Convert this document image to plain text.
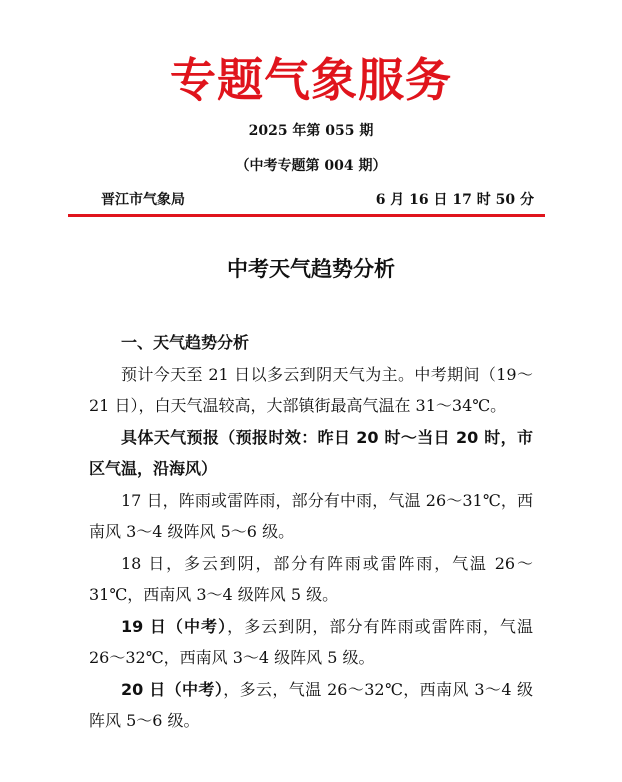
专题气象服务
2025 年第 055 期
（中考专题第 004 期）
晋江市气象局	6 月 16 日 17 时 50 分
中考天气趋势分析

一、天气趋势分析

预计今天至 21 日以多云到阴天气为主。中考期间（19～21 日），白天气温较高，大部镇街最高气温在 31～34℃。

具体天气预报（预报时效：昨日 20 时～当日 20 时，市区气温，沿海风）

17 日，阵雨或雷阵雨，部分有中雨，气温 26～31℃，西南风 3～4 级阵风 5～6 级。

18 日，多云到阴，部分有阵雨或雷阵雨，气温 26～31℃，西南风 3～4 级阵风 5 级。

19 日（中考），多云到阴，部分有阵雨或雷阵雨，气温 26～32℃，西南风 3～4 级阵风 5 级。

20 日（中考），多云，气温 26～32℃，西南风 3～4 级阵风 5～6 级。
